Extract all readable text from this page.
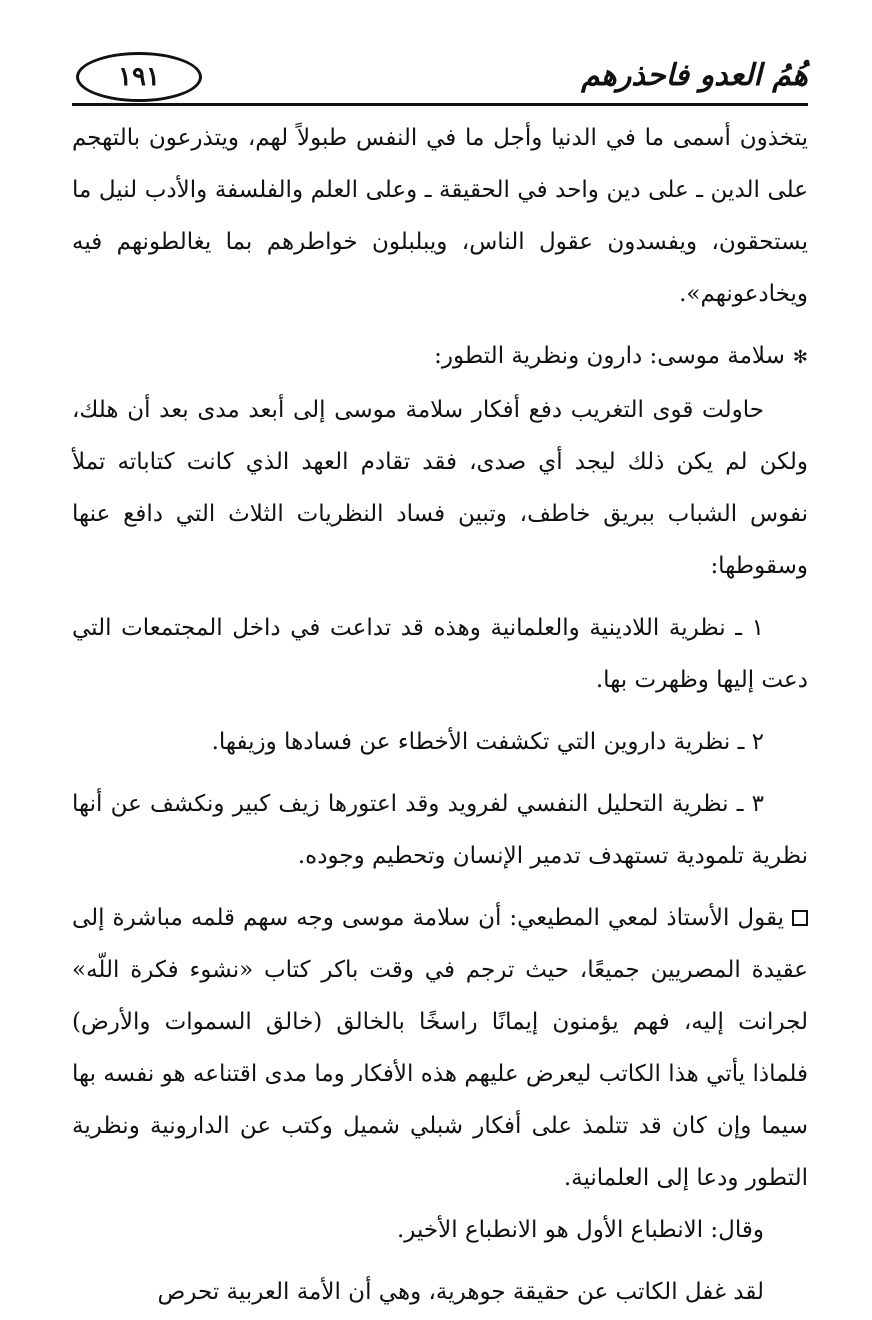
١٩١	هُمُ العدو فاحذرهم

يتخذون أسمى ما في الدنيا وأجل ما في النفس طبولاً لهم، ويتذرعون بالتهجم على الدين ـ على دين واحد في الحقيقة ـ وعلى العلم والفلسفة والأدب لنيل ما يستحقون، ويفسدون عقول الناس، ويبلبلون خواطرهم بما يغالطونهم فيه ويخادعونهم».

✻سلامة موسى: دارون ونظرية التطور:

حاولت قوى التغريب دفع أفكار سلامة موسى إلى أبعد مدى بعد أن هلك، ولكن لم يكن ذلك ليجد أي صدى، فقد تقادم العهد الذي كانت كتاباته تملأ نفوس الشباب ببريق خاطف، وتبين فساد النظريات الثلاث التي دافع عنها وسقوطها:

١ ـ نظرية اللادينية والعلمانية وهذه قد تداعت في داخل المجتمعات التي دعت إليها وظهرت بها.

٢ ـ نظرية داروين التي تكشفت الأخطاء عن فسادها وزيفها.

٣ ـ نظرية التحليل النفسي لفرويد وقد اعتورها زيف كبير ونكشف عن أنها نظرية تلمودية تستهدف تدمير الإنسان وتحطيم وجوده.

يقول الأستاذ لمعي المطيعي: أن سلامة موسى وجه سهم قلمه مباشرة إلى عقيدة المصريين جميعًا، حيث ترجم في وقت باكر كتاب «نشوء فكرة اللّه» لجرانت إليه، فهم يؤمنون إيمانًا راسخًا بالخالق (خالق السموات والأرض) فلماذا يأتي هذا الكاتب ليعرض عليهم هذه الأفكار وما مدى اقتناعه هو نفسه بها سيما وإن كان قد تتلمذ على أفكار شبلي شميل وكتب عن الدارونية ونظرية التطور ودعا إلى العلمانية.

وقال: الانطباع الأول هو الانطباع الأخير.

لقد غفل الكاتب عن حقيقة جوهرية، وهي أن الأمة العربية تحرص
